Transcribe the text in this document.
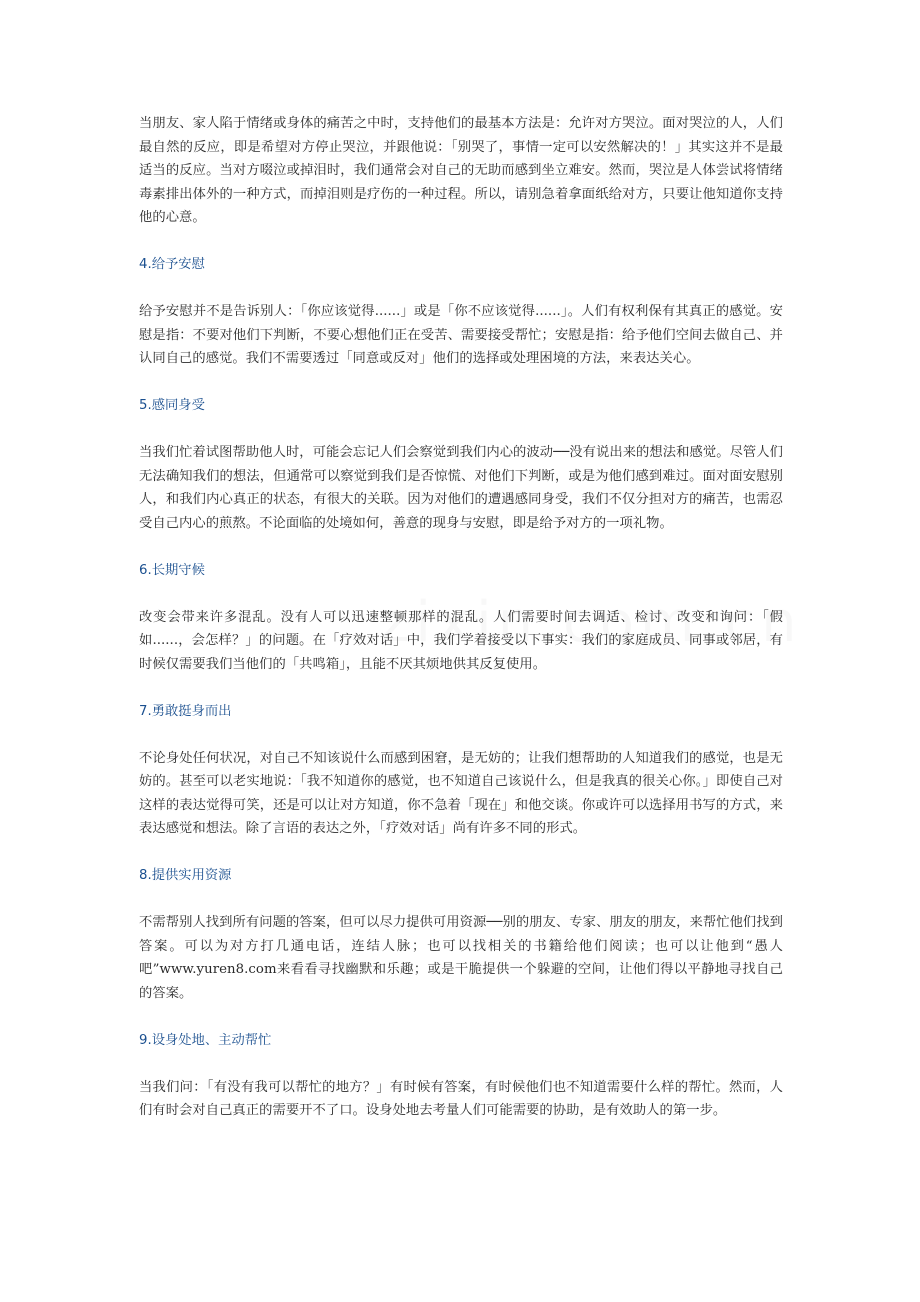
当朋友、家人陷于情绪或身体的痛苦之中时，支持他们的最基本方法是：允许对方哭泣。面对哭泣的人，人们最自然的反应，即是希望对方停止哭泣，并跟他说：「别哭了，事情一定可以安然解决的！」其实这并不是最适当的反应。当对方啜泣或掉泪时，我们通常会对自己的无助而感到坐立难安。然而，哭泣是人体尝试将情绪毒素排出体外的一种方式，而掉泪则是疗伤的一种过程。所以，请别急着拿面纸给对方，只要让他知道你支持他的心意。

4.给予安慰

给予安慰并不是告诉别人：「你应该觉得......」或是「你不应该觉得......」。人们有权利保有其真正的感觉。安慰是指：不要对他们下判断，不要心想他们正在受苦、需要接受帮忙；安慰是指：给予他们空间去做自己、并认同自己的感觉。我们不需要透过「同意或反对」他们的选择或处理困境的方法，来表达关心。

5.感同身受

当我们忙着试图帮助他人时，可能会忘记人们会察觉到我们内心的波动──没有说出来的想法和感觉。尽管人们无法确知我们的想法，但通常可以察觉到我们是否惊慌、对他们下判断，或是为他们感到难过。面对面安慰别人，和我们内心真正的状态，有很大的关联。因为对他们的遭遇感同身受，我们不仅分担对方的痛苦，也需忍受自己内心的煎熬。不论面临的处境如何，善意的现身与安慰，即是给予对方的一项礼物。

6.长期守候

改变会带来许多混乱。没有人可以迅速整顿那样的混乱。人们需要时间去调适、检讨、改变和询问：「假如......，会怎样？」的问题。在「疗效对话」中，我们学着接受以下事实：我们的家庭成员、同事或邻居，有时候仅需要我们当他们的「共鸣箱」，且能不厌其烦地供其反复使用。

7.勇敢挺身而出

不论身处任何状况，对自己不知该说什么而感到困窘，是无妨的；让我们想帮助的人知道我们的感觉，也是无妨的。甚至可以老实地说：「我不知道你的感觉，也不知道自己该说什么，但是我真的很关心你。」即使自己对这样的表达觉得可笑，还是可以让对方知道，你不急着「现在」和他交谈。你或许可以选择用书写的方式，来表达感觉和想法。除了言语的表达之外，「疗效对话」尚有许多不同的形式。

8.提供实用资源

不需帮别人找到所有问题的答案，但可以尽力提供可用资源──别的朋友、专家、朋友的朋友，来帮忙他们找到答案。可以为对方打几通电话，连结人脉；也可以找相关的书籍给他们阅读；也可以让他到“愚人吧”www.yuren8.com来看看寻找幽默和乐趣；或是干脆提供一个躲避的空间，让他们得以平静地寻找自己的答案。

9.设身处地、主动帮忙

当我们问：「有没有我可以帮忙的地方？」有时候有答案，有时候他们也不知道需要什么样的帮忙。然而，人们有时会对自己真正的需要开不了口。设身处地去考量人们可能需要的协助，是有效助人的第一步。
